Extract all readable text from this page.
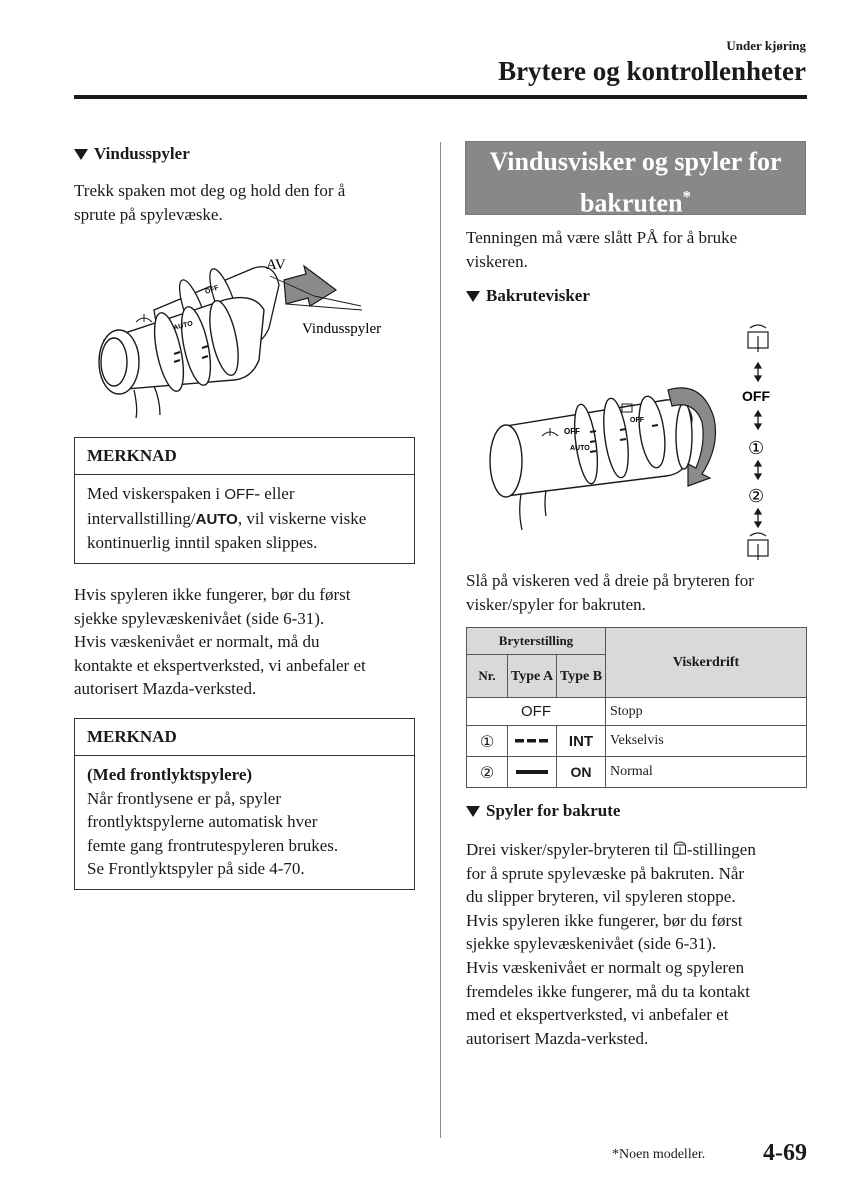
Under kjøring
Brytere og kontrollenheter
Vindusspyler
Trekk spaken mot deg og hold den for å
sprute på spylevæske.
OFF
AUTO
AV
Vindusspyler
MERKNAD
Med viskerspaken i OFF- eller
intervallstilling/AUTO, vil viskerne viske
kontinuerlig inntil spaken slippes.
Hvis spyleren ikke fungerer, bør du først
sjekke spylevæskenivået (side 6-31).
Hvis væskenivået er normalt, må du
kontakte et ekspertverksted, vi anbefaler et
autorisert Mazda-verksted.
MERKNAD
(Med frontlyktspylere)
Når frontlysene er på, spyler
frontlyktspylerne automatisk hver
femte gang frontrutespyleren brukes.
Se Frontlyktspyler på side 4-70.
Vindusvisker og spyler for
bakruten*
Tenningen må være slått PÅ for å bruke
viskeren.
Bakrutevisker
OFF
AUTO
OFF
OFF
①
②
Slå på viskeren ved å dreie på bryteren for
visker/spyler for bakruten.
Bryterstilling			Viskerdrift
Nr.	Type A	Type B	
OFF			Stopp
①		INT	Vekselvis
②		ON	Normal
Spyler for bakrute
Drei visker/spyler-bryteren til -stillingen
for å sprute spylevæske på bakruten. Når
du slipper bryteren, vil spyleren stoppe.
Hvis spyleren ikke fungerer, bør du først
sjekke spylevæskenivået (side 6-31).
Hvis væskenivået er normalt og spyleren
fremdeles ikke fungerer, må du ta kontakt
med et ekspertverksted, vi anbefaler et
autorisert Mazda-verksted.
*Noen modeller. 4-69
